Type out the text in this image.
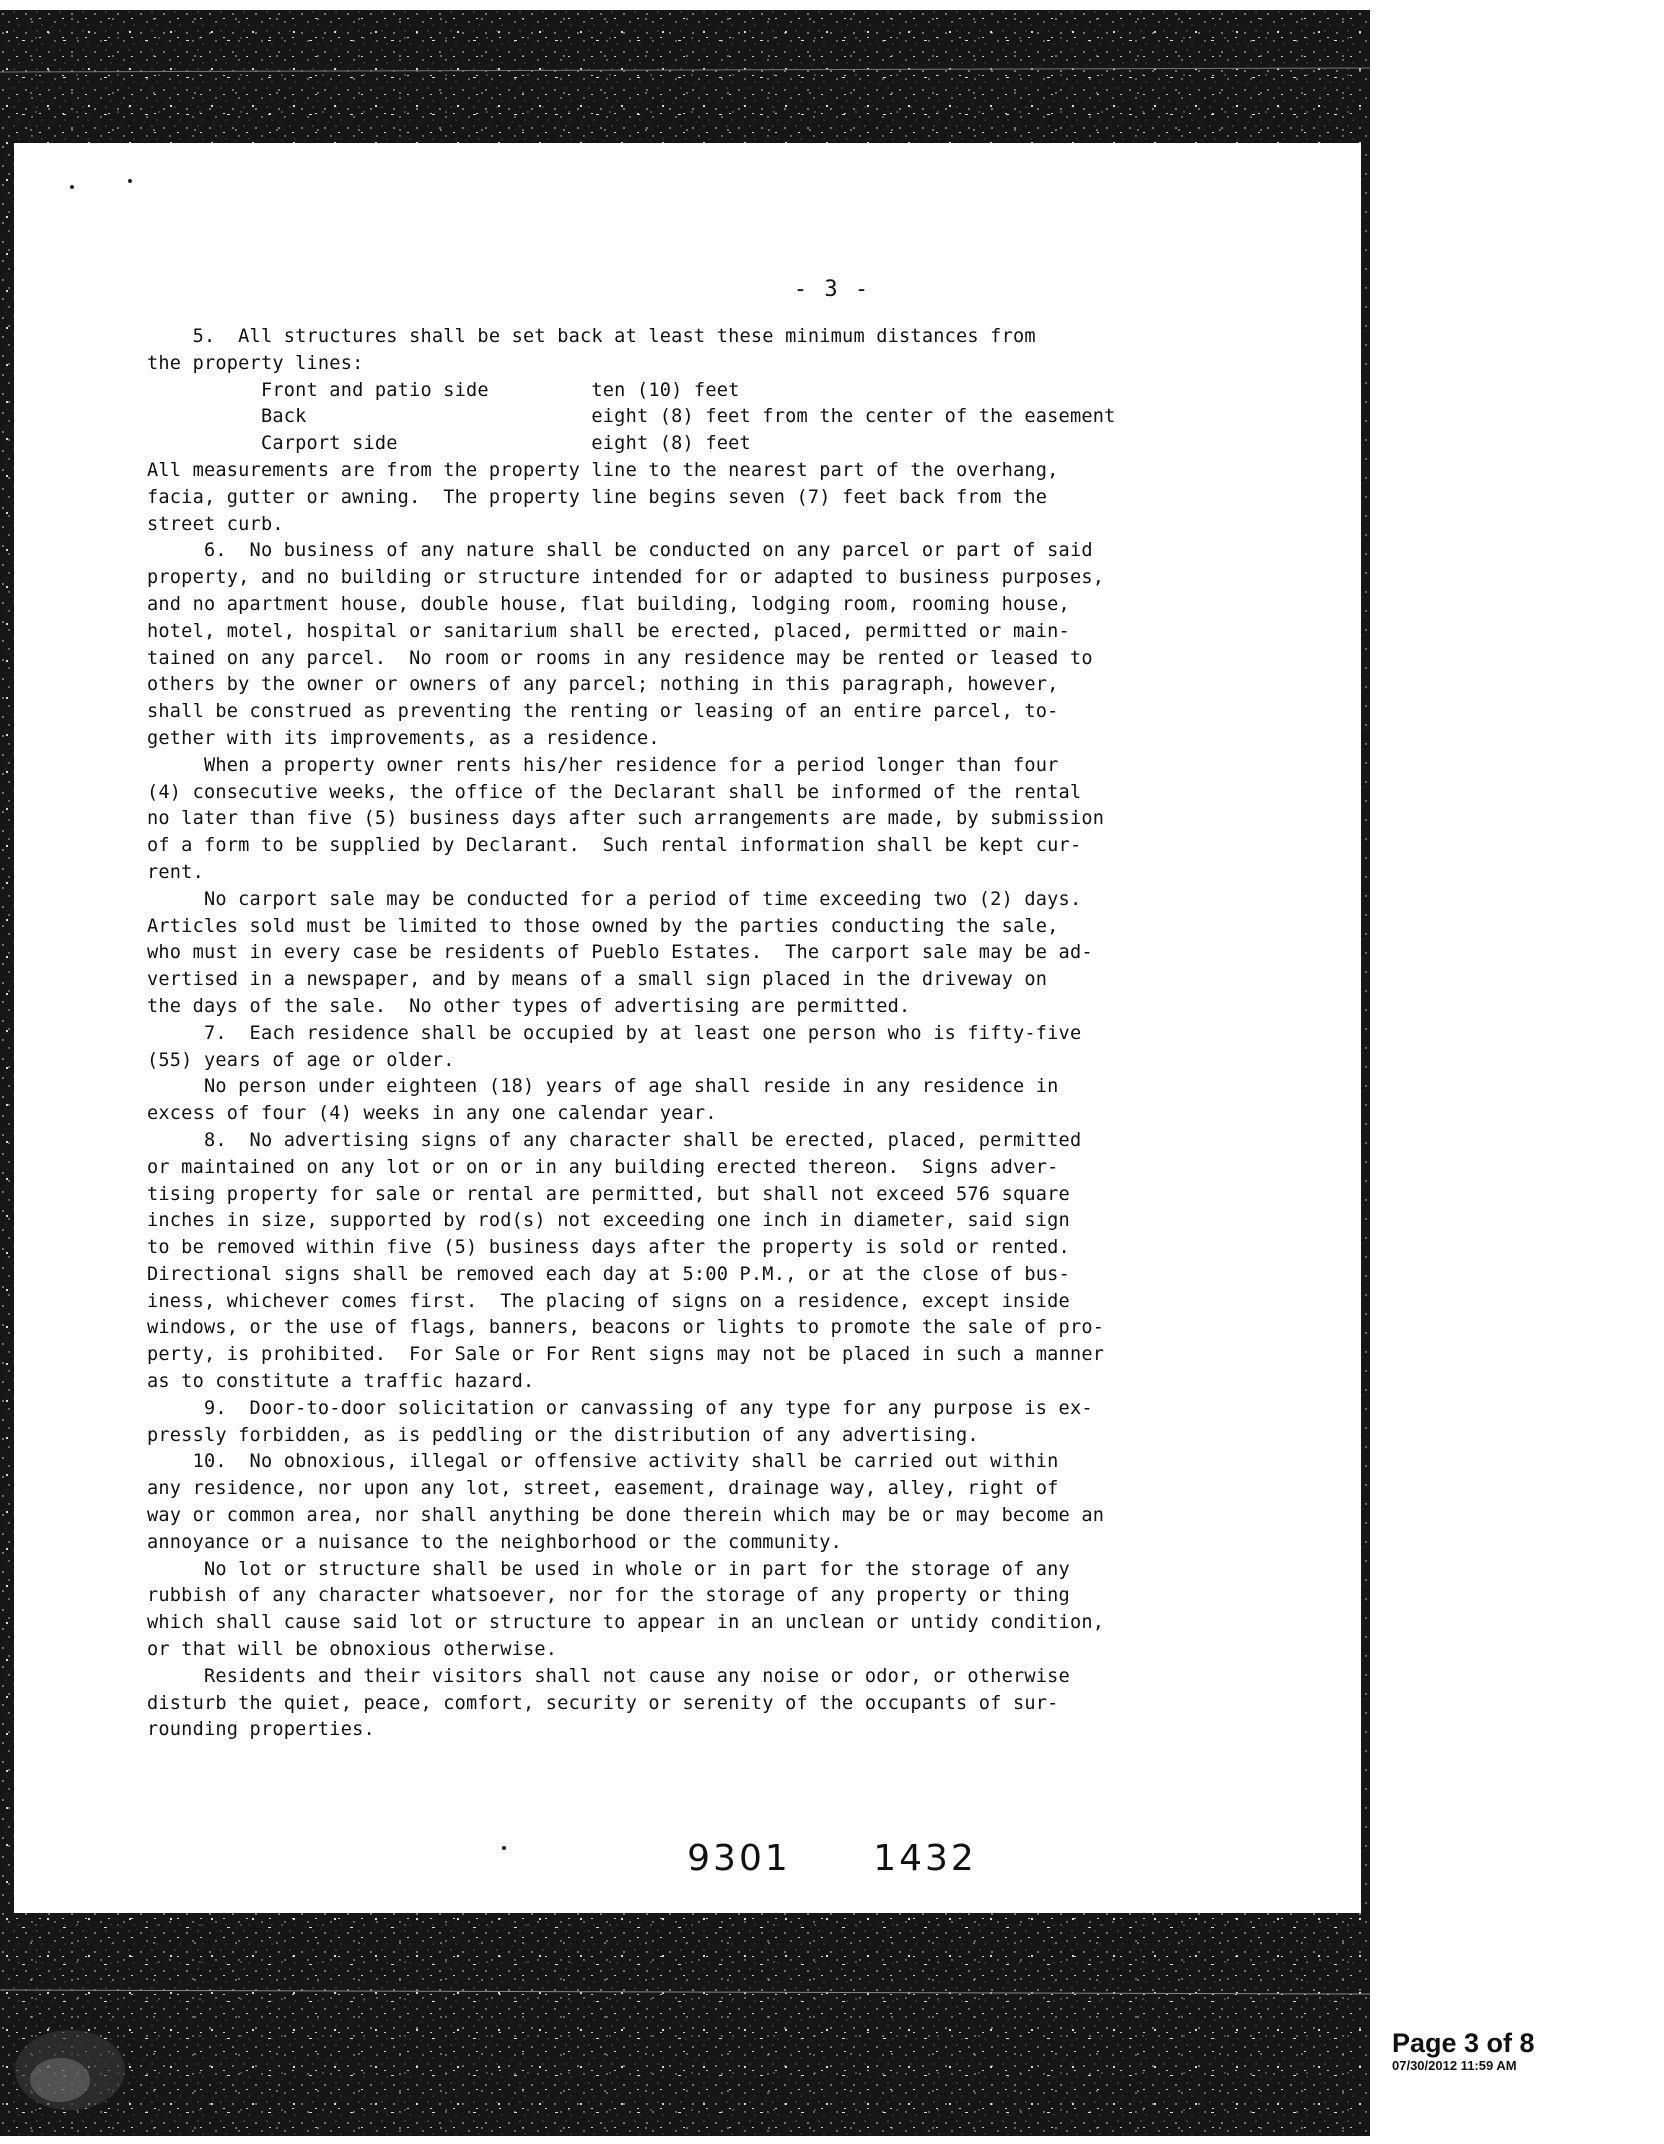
- 3 -
5.  All structures shall be set back at least these minimum distances from
the property lines:
Front and patio side         ten (10) feet
Back                         eight (8) feet from the center of the easement
Carport side                 eight (8) feet
All measurements are from the property line to the nearest part of the overhang,
facia, gutter or awning.  The property line begins seven (7) feet back from the
street curb.
6.  No business of any nature shall be conducted on any parcel or part of said
property, and no building or structure intended for or adapted to business purposes,
and no apartment house, double house, flat building, lodging room, rooming house,
hotel, motel, hospital or sanitarium shall be erected, placed, permitted or main-
tained on any parcel.  No room or rooms in any residence may be rented or leased to
others by the owner or owners of any parcel; nothing in this paragraph, however,
shall be construed as preventing the renting or leasing of an entire parcel, to-
gether with its improvements, as a residence.
When a property owner rents his/her residence for a period longer than four
(4) consecutive weeks, the office of the Declarant shall be informed of the rental
no later than five (5) business days after such arrangements are made, by submission
of a form to be supplied by Declarant.  Such rental information shall be kept cur-
rent.
No carport sale may be conducted for a period of time exceeding two (2) days.
Articles sold must be limited to those owned by the parties conducting the sale,
who must in every case be residents of Pueblo Estates.  The carport sale may be ad-
vertised in a newspaper, and by means of a small sign placed in the driveway on
the days of the sale.  No other types of advertising are permitted.
7.  Each residence shall be occupied by at least one person who is fifty-five
(55) years of age or older.
No person under eighteen (18) years of age shall reside in any residence in
excess of four (4) weeks in any one calendar year.
8.  No advertising signs of any character shall be erected, placed, permitted
or maintained on any lot or on or in any building erected thereon.  Signs adver-
tising property for sale or rental are permitted, but shall not exceed 576 square
inches in size, supported by rod(s) not exceeding one inch in diameter, said sign
to be removed within five (5) business days after the property is sold or rented.
Directional signs shall be removed each day at 5:00 P.M., or at the close of bus-
iness, whichever comes first.  The placing of signs on a residence, except inside
windows, or the use of flags, banners, beacons or lights to promote the sale of pro-
perty, is prohibited.  For Sale or For Rent signs may not be placed in such a manner
as to constitute a traffic hazard.
9.  Door-to-door solicitation or canvassing of any type for any purpose is ex-
pressly forbidden, as is peddling or the distribution of any advertising.
10.  No obnoxious, illegal or offensive activity shall be carried out within
any residence, nor upon any lot, street, easement, drainage way, alley, right of
way or common area, nor shall anything be done therein which may be or may become an
annoyance or a nuisance to the neighborhood or the community.
No lot or structure shall be used in whole or in part for the storage of any
rubbish of any character whatsoever, nor for the storage of any property or thing
which shall cause said lot or structure to appear in an unclean or untidy condition,
or that will be obnoxious otherwise.
Residents and their visitors shall not cause any noise or odor, or otherwise
disturb the quiet, peace, comfort, security or serenity of the occupants of sur-
rounding properties.
9301 1432
Page 3 of 8
07/30/2012 11:59 AM
